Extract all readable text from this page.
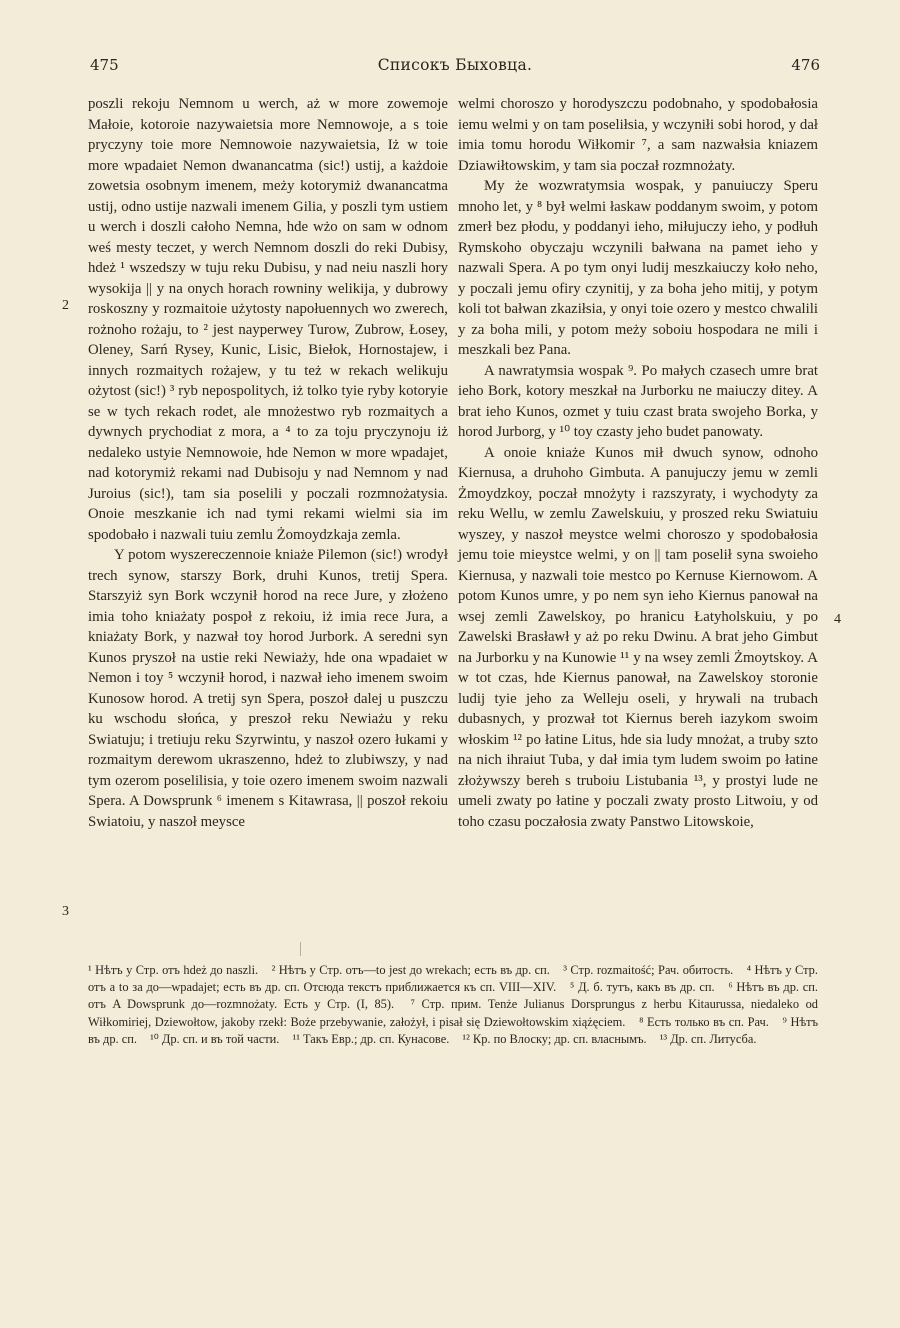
475	Списокъ Быховца.	476

poszli rekoju Nemnom u werch, aż w more zowemoje Małoie, kotoroie nazywaietsia more Nemnowoje, a s toie pryczyny toie more Nemnowoie nazywaietsia, Iż w toie more wpadaiet Nemon dwanancatma (sic!) ustij, a każdoie zowetsia osobnym imenem, meży kotorymiż dwanancatma ustij, odno ustije nazwali imenem Gilia, y poszli tym ustiem u werch i doszli całoho Nemna, hde wżo on sam w odnom weś mesty teczet, y werch Nemnom doszli do reki Dubisy, hdeż ¹ wszedszy w tuju reku Dubisu, y nad neiu naszli hory wysokija || y na onych horach rowniny welikija, y dubrowy roskoszny y rozmaitoie użytosty napołuennych wo zwerech, rożnoho rożaju, to ² jest nayperwey Turow, Zubrow, Łosey, Oleney, Sarń Rysey, Kunic, Lisic, Biełok, Hornostajew, i innych rozmaitych rożajew, y tu też w rekach welikuju ożytost (sic!) ³ ryb nepospolitych, iż tolko tyie ryby kotoryie se w tych rekach rodet, ale mnożestwo ryb rozmaitych a dywnych prychodiat z mora, a ⁴ to za toju pryczynoju iż nedaleko ustyie Nemnowoie, hde Nemon w more wpadajet, nad kotorymiż rekami nad Dubisoju y nad Nemnom y nad Juroius (sic!), tam sia poselili y poczali rozmnożatysia. Onoie meszkanie ich nad tymi rekami wielmi sia im spodobało i nazwali tuiu zemlu Żomoydzkaja zemla.

Y potom wyszereczennoie kniaże Pilemon (sic!) wrodył trech synow, starszy Bork, druhi Kunos, tretij Spera. Starszyiż syn Bork wczynił horod na rece Jure, y złożeno imia toho kniażaty pospoł z rekoiu, iż imia rece Jura, a kniażaty Bork, y nazwał toy horod Jurbork. A seredni syn Kunos pryszoł na ustie reki Newiaży, hde ona wpadaiet w Nemon i toy ⁵ wczynił horod, i nazwał ieho imenem swoim Kunosow horod. A tretij syn Spera, poszoł dalej u puszczu ku wschodu słońca, y preszoł reku Newiażu y reku Swiatuju; i tretiuju reku Szyrwintu, y naszoł ozero łukami y rozmaitym derewom ukraszenno, hdeż to zlubiwszy, y nad tym ozerom poselilisia, y toie ozero imenem swoim nazwali Spera. A Dowsprunk ⁶ imenem s Kitawrasa, || poszoł rekoiu Swiatoiu, y naszoł meysce

2
3

welmi choroszo y horodyszczu podobnaho, y spodobałosia iemu welmi y on tam poseliłsia, y wczyniłi sobi horod, y dał imia tomu horodu Wiłkomir ⁷, a sam nazwałsia kniazem Dziawiłtowskim, y tam sia poczał rozmnożaty.

My że wozwratymsia wospak, y panuiuczy Speru mnoho let, y ⁸ był welmi łaskaw poddanym swoim, y potom zmerł bez płodu, y poddanyi ieho, miłujuczy ieho, y podłuh Rymskoho obyczaju wczynili bałwana na pamet ieho y nazwali Spera. A po tym onyi ludij meszkaiuczy koło neho, y poczali jemu ofiry czynitij, y za boha jeho mitij, y potym koli tot bałwan zkaziłsia, y onyi toie ozero y mestco chwalili y za boha mili, y potom meży soboiu hospodara ne mili i meszkali bez Pana.

A nawratymsia wospak ⁹. Po małych czasech umre brat ieho Bork, kotory meszkał na Jurborku ne maiuczy ditey. A brat ieho Kunos, ozmet y tuiu czast brata swojeho Borka, y horod Jurborg, y ¹⁰ toy czasty jeho budet panowaty.

A onoie kniaże Kunos mił dwuch synow, odnoho Kiernusa, a druhoho Gimbuta. A panujuczy jemu w zemli Żmoydzkoy, poczał mnożyty i razszyraty, i wychodyty za reku Wellu, w zemlu Zawelskuiu, y proszed reku Swiatuiu wyszey, y naszoł meystce welmi choroszo y spodobałosia jemu toie mieystce welmi, y on || tam poselił syna swoieho Kiernusa, y nazwali toie mestco po Kernuse Kiernowom. A potom Kunos umre, y po nem syn ieho Kiernus panował na wsej zemli Zawelskoy, po hranicu Łatyholskuiu, y po Zawelski Brasławł y aż po reku Dwinu. A brat jeho Gimbut na Jurborku y na Kunowie ¹¹ y na wsey zemli Żmoytskoy. A w tot czas, hde Kiernus panował, na Zawelskoy storonie ludij tyie jeho za Welleju oseli, y hrywali na trubach dubasnych, y prozwał tot Kiernus bereh iazykom swoim włoskim ¹² po łatine Litus, hde sia ludy mnożat, a truby szto na nich ihraiut Tuba, y dał imia tym ludem swoim po łatine złożywszy bereh s truboiu Listubania ¹³, y prostyi lude ne umeli zwaty po łatine y poczali zwaty prosto Litwoiu, y od toho czasu poczałosia zwaty Panstwo Litowskoie,

4
¹ Нѣтъ у Стр. отъ hdeż до naszli. ² Нѣтъ у Стр. отъ—to jest до wrekach; есть въ др. сп. ³ Стр. rozmaitość; Рач. обитость. ⁴ Нѣтъ у Стр. отъ a to за до—wpadajet; есть въ др. сп. Отсюда текстъ приближается къ сп. VIII—XIV. ⁵ Д. б. тутъ, какъ въ др. сп. ⁶ Нѣтъ въ др. сп. отъ A Dowsprunk до—rozmnożaty. Есть у Стр. (I, 85). ⁷ Стр. прим. Tenże Julianus Dorsprungus z herbu Kitaurussa, niedaleko od Wiłkomiriej, Dziewołtow, jakoby rzekł: Boże przebywanie, założył, i pisał się Dziewołtowskim xiążęciem. ⁸ Есть только въ сп. Рач. ⁹ Нѣтъ въ др. сп. ¹⁰ Др. сп. и въ той части. ¹¹ Такъ Евр.; др. сп. Кунасове. ¹² Кр. по Влоску; др. сп. власнымъ. ¹³ Др. сп. Литусба.
